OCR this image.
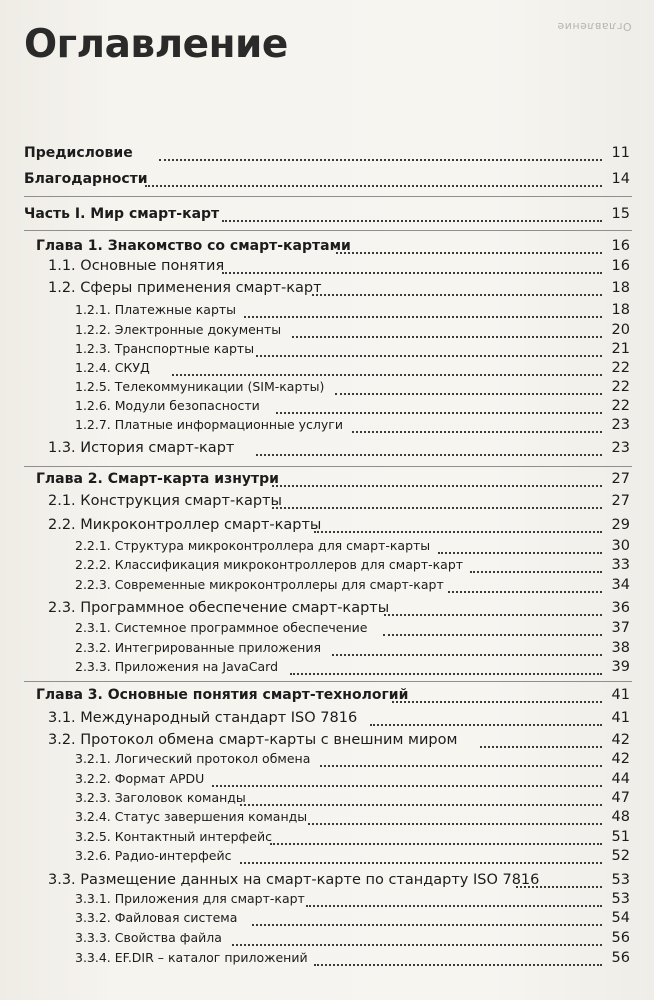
Оглавление
Оглавление
Предисловие	11
Благодарности	14
Часть I. Мир смарт-карт	15
Глава 1. Знакомство со смарт-картами	16
1.1. Основные понятия	16
1.2. Сферы применения смарт-карт	18
1.2.1. Платежные карты	18
1.2.2. Электронные документы	20
1.2.3. Транспортные карты	21
1.2.4. СКУД	22
1.2.5. Телекоммуникации (SIM-карты)	22
1.2.6. Модули безопасности	22
1.2.7. Платные информационные услуги	23
1.3. История смарт-карт	23
Глава 2. Смарт-карта изнутри	27
2.1. Конструкция смарт-карты	27
2.2. Микроконтроллер смарт-карты	29
2.2.1. Структура микроконтроллера для смарт-карты	30
2.2.2. Классификация микроконтроллеров для смарт-карт	33
2.2.3. Современные микроконтроллеры для смарт-карт	34
2.3. Программное обеспечение смарт-карты	36
2.3.1. Системное программное обеспечение	37
2.3.2. Интегрированные приложения	38
2.3.3. Приложения на JavaCard	39
Глава 3. Основные понятия смарт-технологий	41
3.1. Международный стандарт ISO 7816	41
3.2. Протокол обмена смарт-карты с внешним миром	42
3.2.1. Логический протокол обмена	42
3.2.2. Формат APDU	44
3.2.3. Заголовок команды	47
3.2.4. Статус завершения команды	48
3.2.5. Контактный интерфейс	51
3.2.6. Радио-интерфейс	52
3.3. Размещение данных на смарт-карте по стандарту ISO 7816	53
3.3.1. Приложения для смарт-карт	53
3.3.2. Файловая система	54
3.3.3. Свойства файла	56
3.3.4. EF.DIR – каталог приложений	56
